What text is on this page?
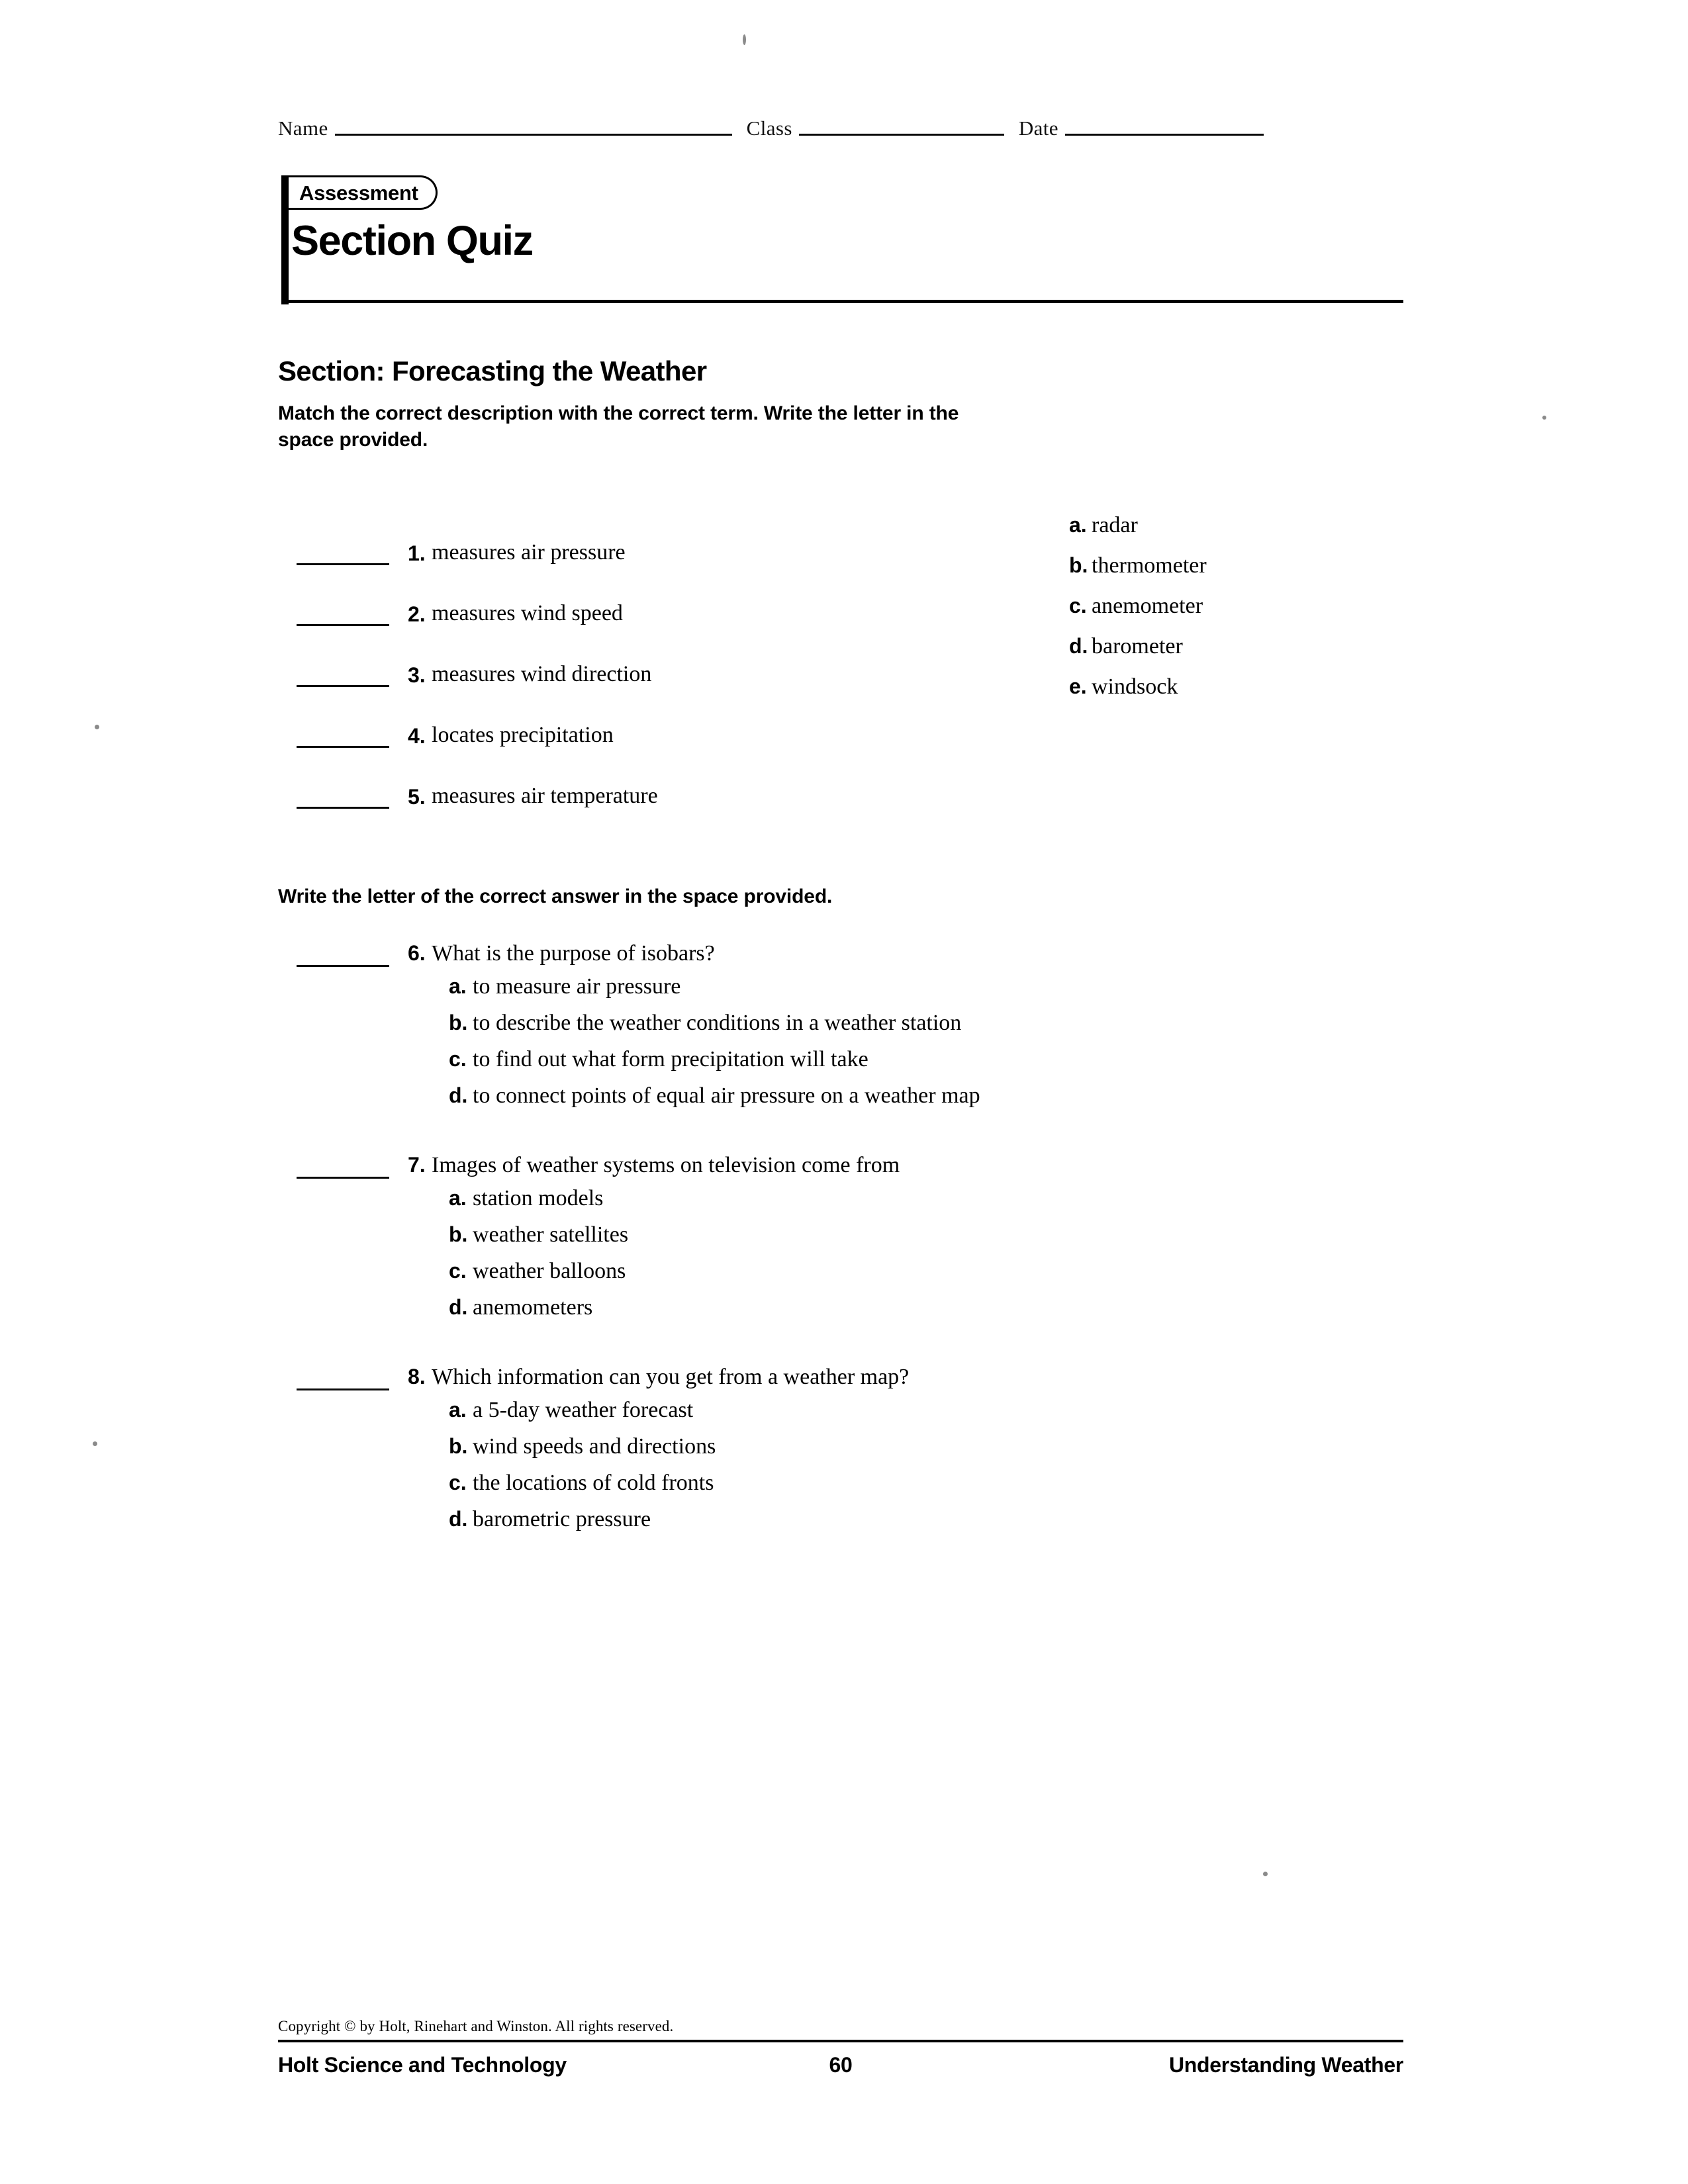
Name	Class	Date
Assessment
Section Quiz
Section: Forecasting the Weather
Match the correct description with the correct term. Write the letter in the space provided.
1. measures air pressure
2. measures wind speed
3. measures wind direction
4. locates precipitation
5. measures air temperature
a. radar
b. thermometer
c. anemometer
d. barometer
e. windsock
Write the letter of the correct answer in the space provided.
6. What is the purpose of isobars?
a. to measure air pressure
b. to describe the weather conditions in a weather station
c. to find out what form precipitation will take
d. to connect points of equal air pressure on a weather map
7. Images of weather systems on television come from
a. station models
b. weather satellites
c. weather balloons
d. anemometers
8. Which information can you get from a weather map?
a. a 5-day weather forecast
b. wind speeds and directions
c. the locations of cold fronts
d. barometric pressure
Copyright © by Holt, Rinehart and Winston. All rights reserved.
Holt Science and Technology	60	Understanding Weather
